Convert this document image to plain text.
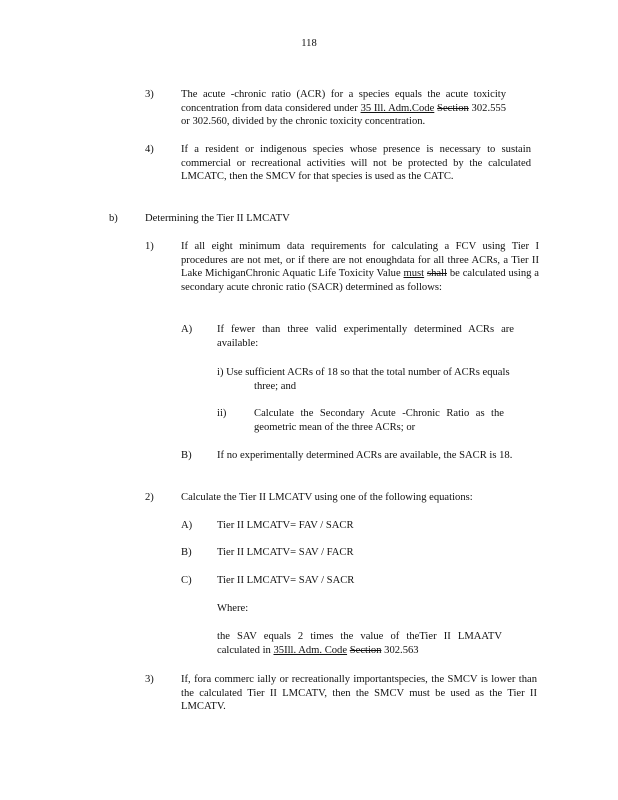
118
3)	The acute -chronic ratio (ACR) for a species equals the acute toxicity concentration from data considered under 35 Ill. Adm.Code Section 302.555 or 302.560, divided by the chronic toxicity concentration.
4)	If a resident or indigenous species whose presence is necessary to sustain commercial or recreational activities will not be protected by the calculated LMCATC, then the SMCV for that species is used as the CATC.
b)	Determining the Tier II LMCATV
1)	If all eight minimum data requirements for calculating a FCV using Tier I procedures are not met, or if there are not enoughdata for all three ACRs, a Tier II Lake MichiganChronic Aquatic Life Toxicity Value must shall be calculated using a secondary acute chronic ratio (SACR) determined as follows:
A) If fewer than three valid experimentally determined ACRs are available:
i) Use sufficient ACRs of 18 so that the total number of ACRs equals three; and
ii)	Calculate the Secondary Acute -Chronic Ratio as the geometric mean of the three ACRs; or
B) If no experimentally determined ACRs are available, the SACR is 18.
2)	Calculate the Tier II LMCATV using one of the following equations:
A) Tier II LMCATV= FAV / SACR
B) Tier II LMCATV= SAV / FACR
C) Tier II LMCATV= SAV / SACR
Where:
the SAV equals 2 times the value of theTier II LMAATV calculated in 35Ill. Adm. Code Section 302.563
3)	If, fora commerc ially or recreationally importantspecies, the SMCV is lower than the calculated Tier II LMCATV, then the SMCV must be used as the Tier II LMCATV.
